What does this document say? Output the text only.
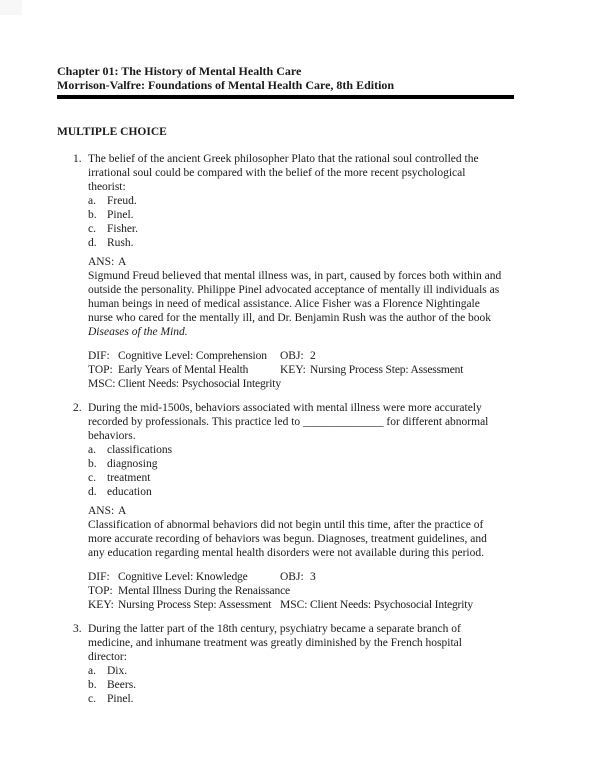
Chapter 01: The History of Mental Health Care
Morrison-Valfre: Foundations of Mental Health Care, 8th Edition
MULTIPLE CHOICE
1. The belief of the ancient Greek philosopher Plato that the rational soul controlled the
irrational soul could be compared with the belief of the more recent psychological
theorist:
a. Freud.
b. Pinel.
c. Fisher.
d. Rush.
ANS: A
Sigmund Freud believed that mental illness was, in part, caused by forces both within and
outside the personality. Philippe Pinel advocated acceptance of mentally ill individuals as
human beings in need of medical assistance. Alice Fisher was a Florence Nightingale
nurse who cared for the mentally ill, and Dr. Benjamin Rush was the author of the book
Diseases of the Mind.
DIF: Cognitive Level: Comprehension OBJ: 2
TOP: Early Years of Mental Health	KEY: Nursing Process Step: Assessment
MSC: Client Needs: Psychosocial Integrity
2. During the mid-1500s, behaviors associated with mental illness were more accurately
recorded by professionals. This practice led to ______________ for different abnormal
behaviors.
a. classifications
b. diagnosing
c. treatment
d. education
ANS: A
Classification of abnormal behaviors did not begin until this time, after the practice of
more accurate recording of behaviors was begun. Diagnoses, treatment guidelines, and
any education regarding mental health disorders were not available during this period.
DIF: Cognitive Level: Knowledge	OBJ: 3
TOP: Mental Illness During the Renaissance
KEY: Nursing Process Step: Assessment MSC: Client Needs: Psychosocial Integrity
3. During the latter part of the 18th century, psychiatry became a separate branch of
medicine, and inhumane treatment was greatly diminished by the French hospital
director:
a. Dix.
b. Beers.
c. Pinel.
